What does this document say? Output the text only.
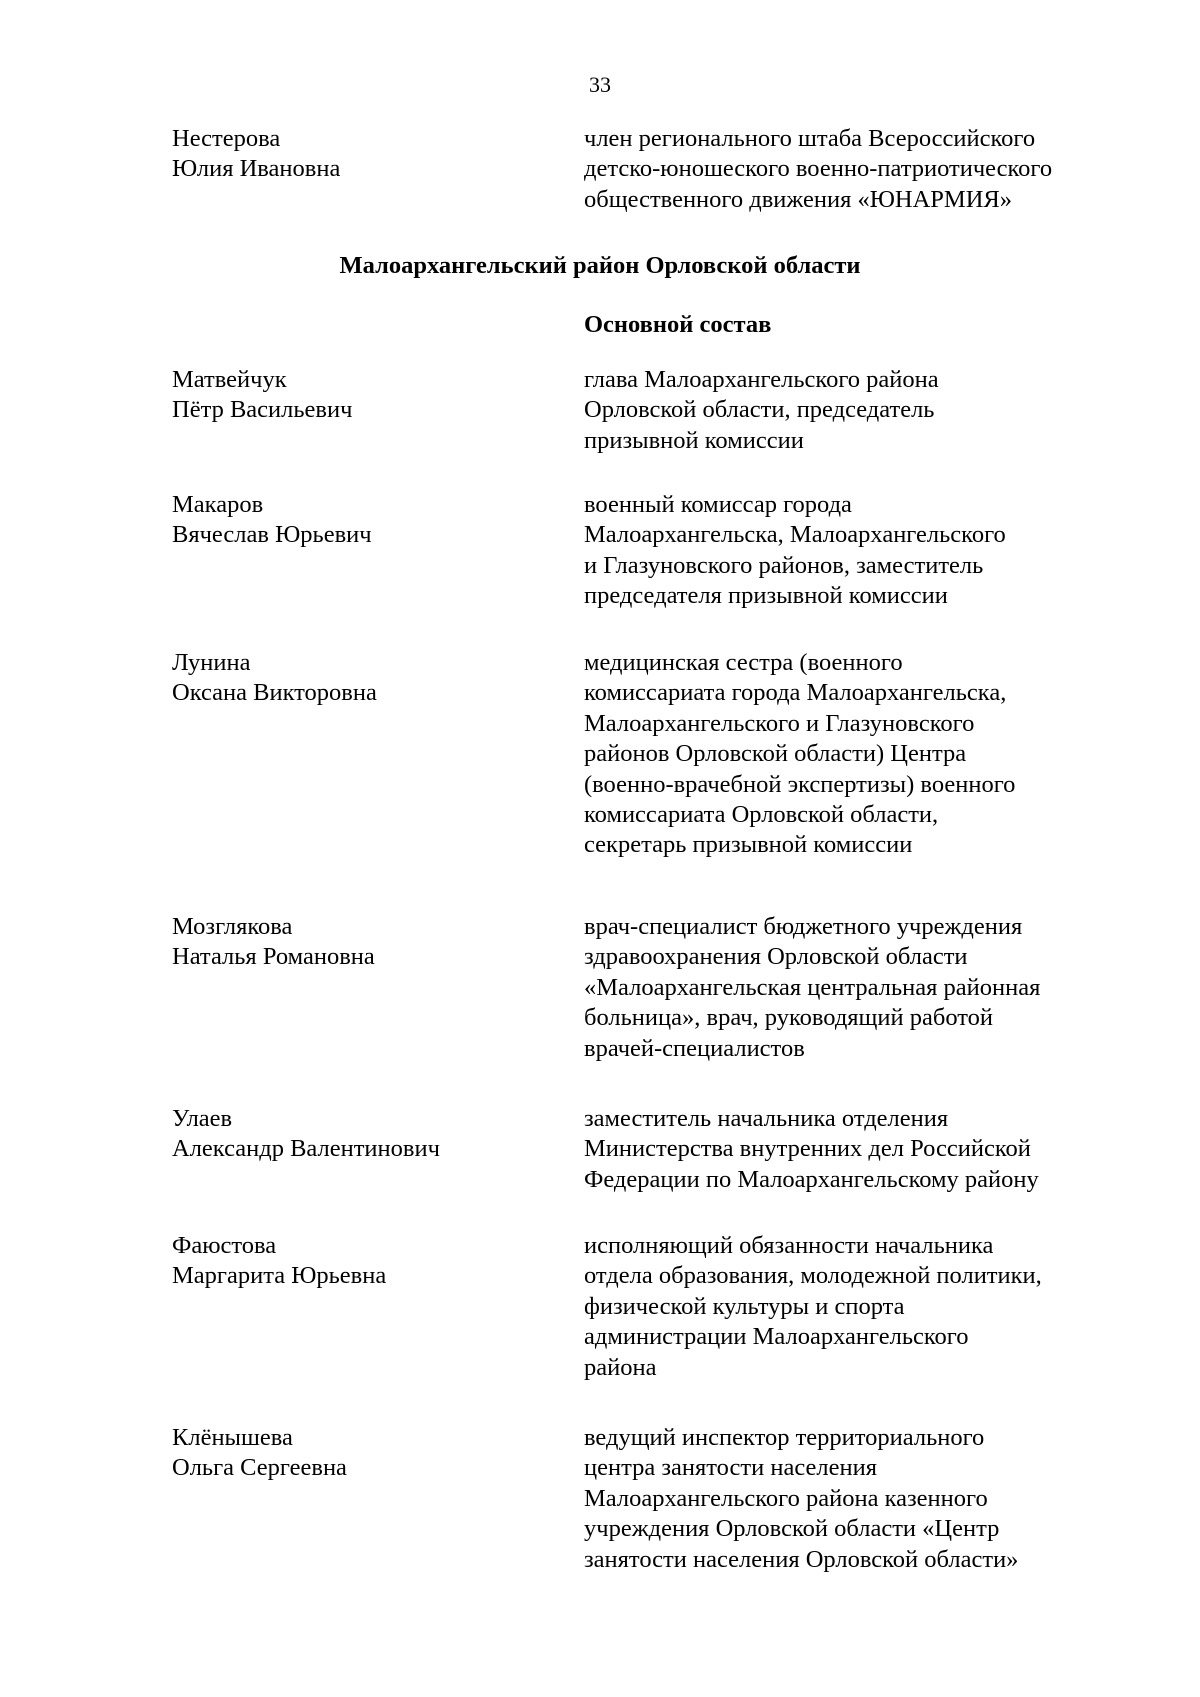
33
Нестерова
Юлия Ивановна
член регионального штаба Всероссийского
детско-юношеского военно-патриотического
общественного движения «ЮНАРМИЯ»
Малоархангельский район Орловской области
Основной состав
Матвейчук
Пётр Васильевич
глава Малоархангельского района
Орловской области, председатель
призывной комиссии
Макаров
Вячеслав Юрьевич
военный комиссар города
Малоархангельска, Малоархангельского
и Глазуновского районов, заместитель
председателя призывной комиссии
Лунина
Оксана Викторовна
медицинская сестра (военного
комиссариата города Малоархангельска,
Малоархангельского и Глазуновского
районов Орловской области) Центра
(военно-врачебной экспертизы) военного
комиссариата Орловской области,
секретарь призывной комиссии
Мозглякова
Наталья Романовна
врач-специалист бюджетного учреждения
здравоохранения Орловской области
«Малоархангельская центральная районная
больница», врач, руководящий работой
врачей-специалистов
Улаев
Александр Валентинович
заместитель начальника отделения
Министерства внутренних дел Российской
Федерации по Малоархангельскому району
Фаюстова
Маргарита Юрьевна
исполняющий обязанности начальника
отдела образования, молодежной политики,
физической культуры и спорта
администрации Малоархангельского
района
Клёнышева
Ольга Сергеевна
ведущий инспектор территориального
центра занятости населения
Малоархангельского района казенного
учреждения Орловской области «Центр
занятости населения Орловской области»
